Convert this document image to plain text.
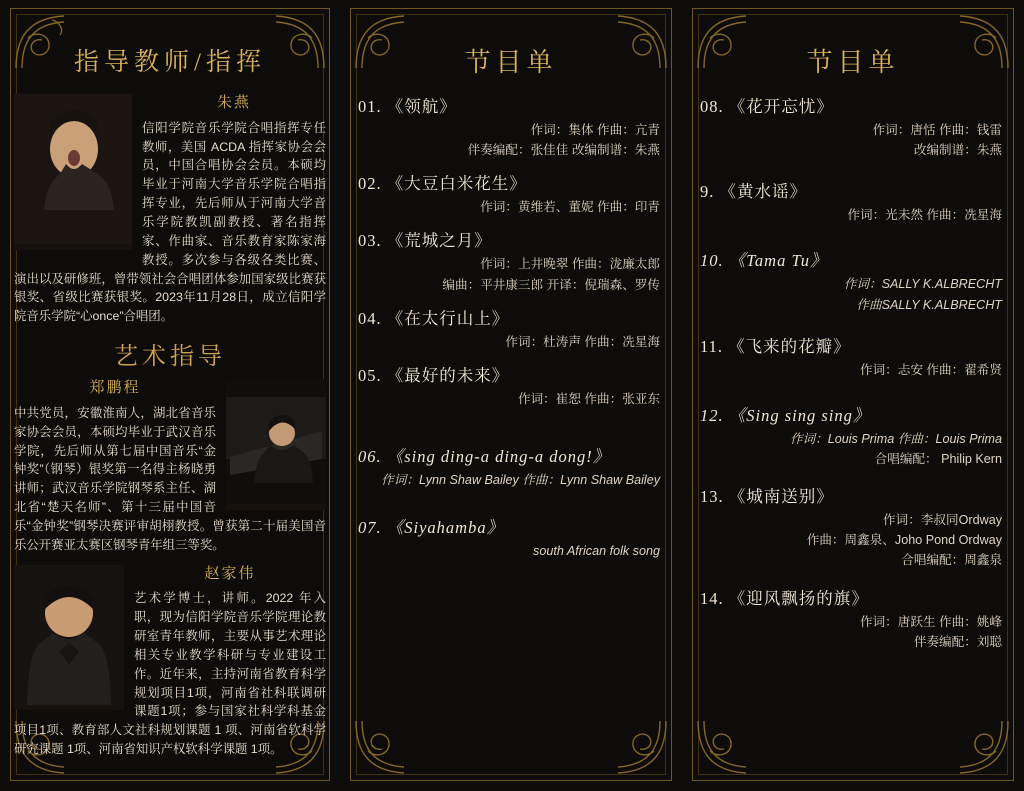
指导教师/指挥
朱燕

信阳学院音乐学院合唱指挥专任教师，美国 ACDA 指挥家协会会员，中国合唱协会会员。本硕均毕业于河南大学音乐学院合唱指挥专业，先后师从于河南大学音乐学院教凯副教授、著名指挥家、作曲家、音乐教育家陈家海教授。多次参与各级各类比赛、演出以及研修班，曾带领社会合唱团体参加国家级比赛获银奖、省级比赛获银奖。2023年11月28日，成立信阳学院音乐学院“心once”合唱团。

艺术指导
郑鹏程

中共党员，安徽淮南人，湖北省音乐家协会会员，本硕均毕业于武汉音乐学院，先后师从第七届中国音乐“金钟奖”（钢琴）银奖第一名得主杨晓勇讲师；武汉音乐学院钢琴系主任、湖北省“楚天名师”、第十三届中国音乐“金钟奖”钢琴决赛评审胡栩教授。曾获第二十届美国音乐公开赛亚太赛区钢琴青年组三等奖。

赵家伟

艺术学博士，讲师。2022 年入职，现为信阳学院音乐学院理论教研室青年教师，主要从事艺术理论相关专业教学科研与专业建设工作。近年来，主持河南省教育科学规划项目1项，河南省社科联调研课题1项；参与国家社科学科基金项目1项、教育部人文社科规划课题 1 项、河南省软科学研究课题 1项、河南省知识产权软科学课题 1项。

节目单
01. 《领航》
作词：集体 作曲：亢青
伴奏编配：张佳佳 改编制谱：朱燕
02. 《大豆白米花生》
作词：黄维若、董妮 作曲：印青
03. 《荒城之月》
作词：上井晚翠 作曲：泷廉太郎
编曲：平井康三郎 开译：倪瑞森、罗传
04. 《在太行山上》
作词：杜涛声 作曲：冼星海
05. 《最好的未来》
作词：崔恕 作曲：张亚东
06. 《sing ding-a ding-a dong!》
作词：Lynn Shaw Bailey 作曲：Lynn Shaw Bailey
07. 《Siyahamba》
south African folk song
节目单
08. 《花开忘忧》
作词：唐恬 作曲：钱雷
改编制谱：朱燕
9. 《黄水谣》
作词：光未然 作曲：冼星海
10. 《Tama Tu》
作词：SALLY K.ALBRECHT
作曲SALLY K.ALBRECHT
11. 《飞来的花瓣》
作词：忐安 作曲：翟希贤
12. 《Sing sing sing》
作词：Louis Prima 作曲：Louis Prima
合唱编配： Philip Kern
13. 《城南送别》
作词：李叔同Ordway
作曲：周鑫泉、Joho Pond Ordway
合唱编配：周鑫泉
14. 《迎风飘扬的旗》
作词：唐跃生 作曲：姚峰
伴奏编配：刘聪
